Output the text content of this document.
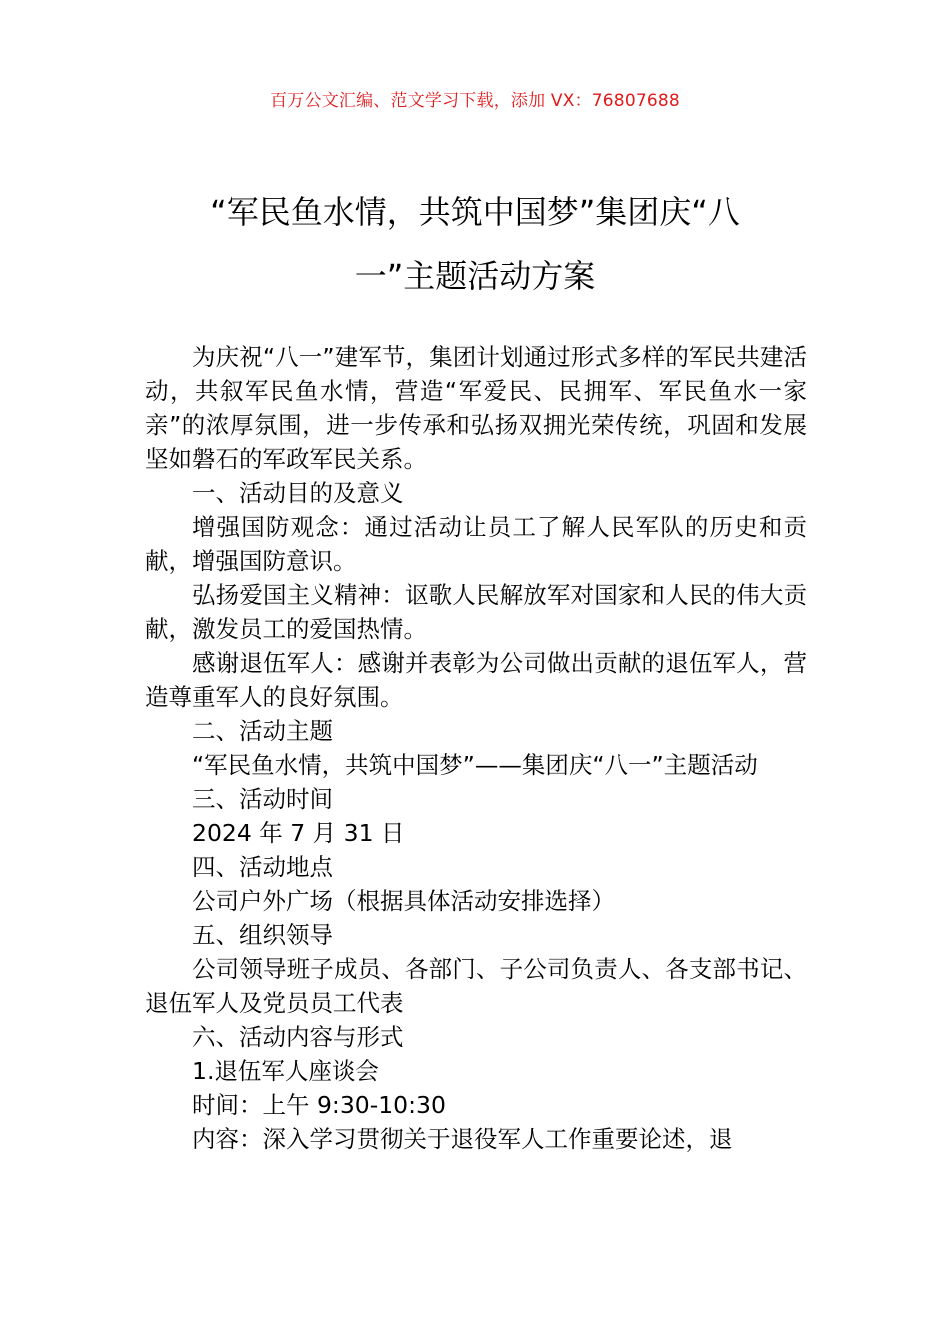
百万公文汇编、范文学习下载，添加 VX：76807688
“军民鱼水情，共筑中国梦”集团庆“八
一”主题活动方案

为庆祝“八一”建军节，集团计划通过形式多样的军民共建活动，共叙军民鱼水情，营造“军爱民、民拥军、军民鱼水一家亲”的浓厚氛围，进一步传承和弘扬双拥光荣传统，巩固和发展坚如磐石的军政军民关系。

一、活动目的及意义

增强国防观念：通过活动让员工了解人民军队的历史和贡献，增强国防意识。

弘扬爱国主义精神：讴歌人民解放军对国家和人民的伟大贡献，激发员工的爱国热情。

感谢退伍军人：感谢并表彰为公司做出贡献的退伍军人，营造尊重军人的良好氛围。

二、活动主题

“军民鱼水情，共筑中国梦”——集团庆“八一”主题活动

三、活动时间

2024 年 7 月 31 日

四、活动地点

公司户外广场（根据具体活动安排选择）

五、组织领导

公司领导班子成员、各部门、子公司负责人、各支部书记、退伍军人及党员员工代表

六、活动内容与形式

1.退伍军人座谈会

时间：上午 9:30-10:30

内容：深入学习贯彻关于退役军人工作重要论述，退
